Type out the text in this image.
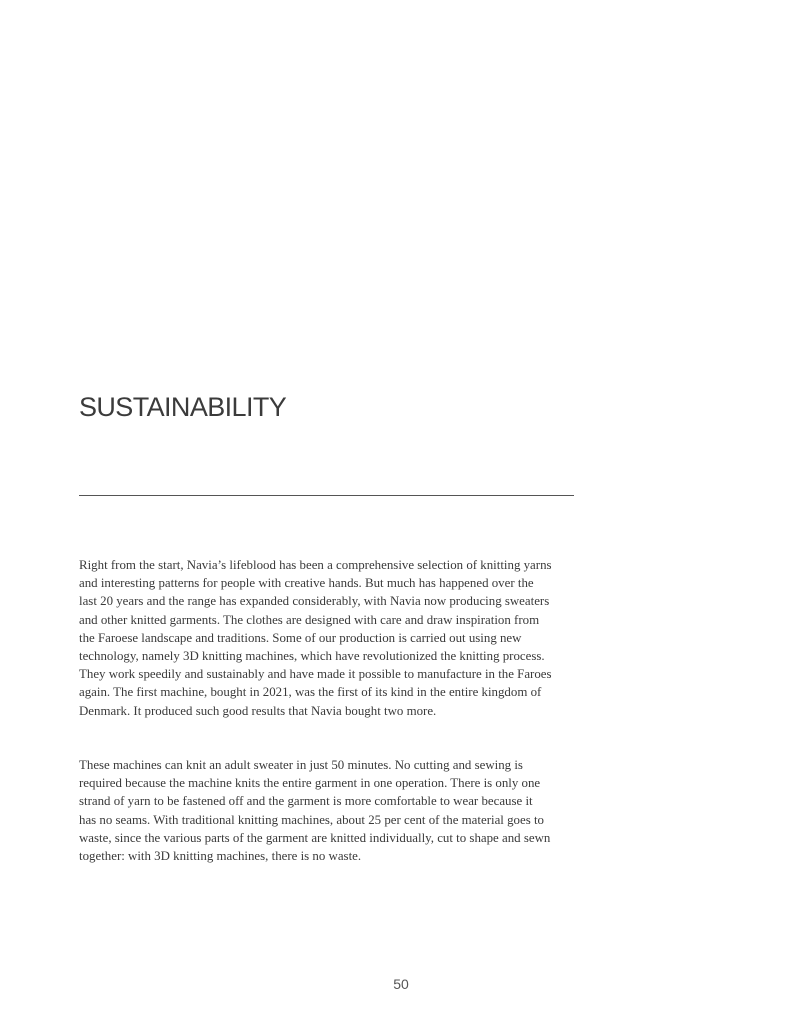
SUSTAINABILITY

Right from the start, Navia’s lifeblood has been a comprehensive selection of knitting yarns
and interesting patterns for people with creative hands. But much has happened over the
last 20 years and the range has expanded considerably, with Navia now producing sweaters
and other knitted garments. The clothes are designed with care and draw inspiration from
the Faroese landscape and traditions. Some of our production is carried out using new
technology, namely 3D knitting machines, which have revolutionized the knitting process.
They work speedily and sustainably and have made it possible to manufacture in the Faroes
again. The first machine, bought in 2021, was the first of its kind in the entire kingdom of
Denmark. It produced such good results that Navia bought two more.

These machines can knit an adult sweater in just 50 minutes. No cutting and sewing is
required because the machine knits the entire garment in one operation. There is only one
strand of yarn to be fastened off and the garment is more comfortable to wear because it
has no seams. With traditional knitting machines, about 25 per cent of the material goes to
waste, since the various parts of the garment are knitted individually, cut to shape and sewn
together: with 3D knitting machines, there is no waste.

50
